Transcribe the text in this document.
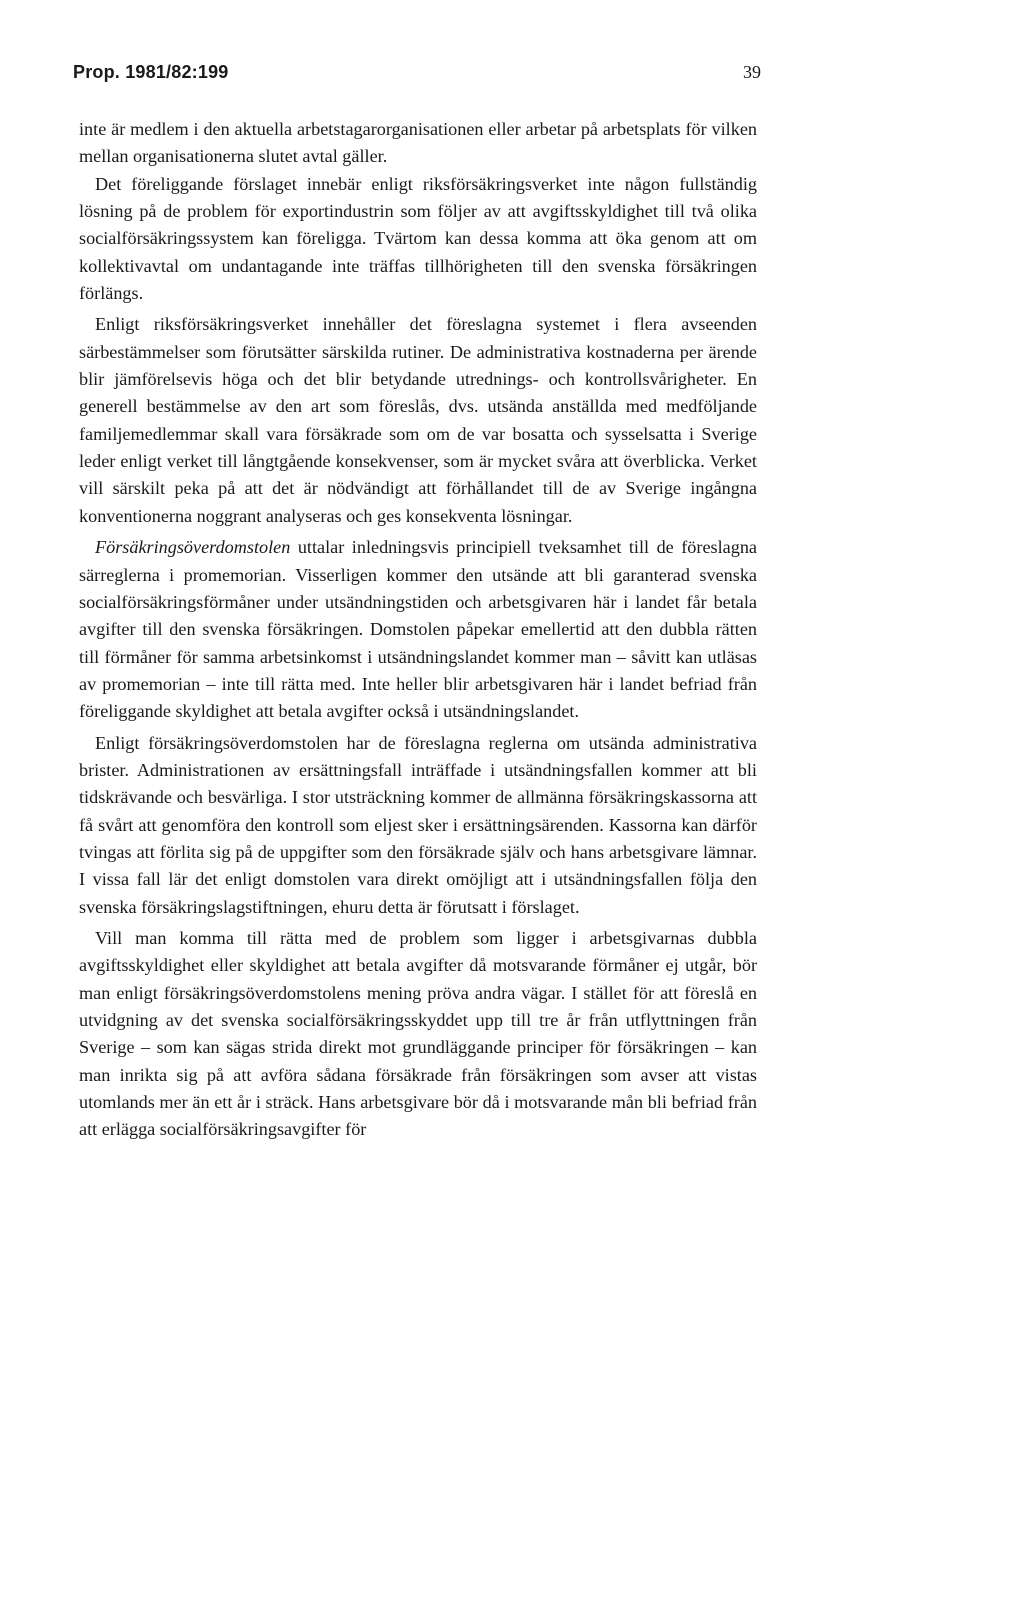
Prop. 1981/82:199	39

inte är medlem i den aktuella arbetstagarorganisationen eller arbetar på arbetsplats för vilken mellan organisationerna slutet avtal gäller.

Det föreliggande förslaget innebär enligt riksförsäkringsverket inte någon fullständig lösning på de problem för exportindustrin som följer av att avgiftsskyldighet till två olika socialförsäkringssystem kan föreligga. Tvärtom kan dessa komma att öka genom att om kollektivavtal om undantagande inte träffas tillhörigheten till den svenska försäkringen förlängs.

Enligt riksförsäkringsverket innehåller det föreslagna systemet i flera avseenden särbestämmelser som förutsätter särskilda rutiner. De administrativa kostnaderna per ärende blir jämförelsevis höga och det blir betydande utrednings- och kontrollsvårigheter. En generell bestämmelse av den art som föreslås, dvs. utsända anställda med medföljande familjemedlemmar skall vara försäkrade som om de var bosatta och sysselsatta i Sverige leder enligt verket till långtgående konsekvenser, som är mycket svåra att överblicka. Verket vill särskilt peka på att det är nödvändigt att förhållandet till de av Sverige ingångna konventionerna noggrant analyseras och ges konsekventa lösningar.

Försäkringsöverdomstolen uttalar inledningsvis principiell tveksamhet till de föreslagna särreglerna i promemorian. Visserligen kommer den utsände att bli garanterad svenska socialförsäkringsförmåner under utsändningstiden och arbetsgivaren här i landet får betala avgifter till den svenska försäkringen. Domstolen påpekar emellertid att den dubbla rätten till förmåner för samma arbetsinkomst i utsändningslandet kommer man – såvitt kan utläsas av promemorian – inte till rätta med. Inte heller blir arbetsgivaren här i landet befriad från föreliggande skyldighet att betala avgifter också i utsändningslandet.

Enligt försäkringsöverdomstolen har de föreslagna reglerna om utsända administrativa brister. Administrationen av ersättningsfall inträffade i utsändningsfallen kommer att bli tidskrävande och besvärliga. I stor utsträckning kommer de allmänna försäkringskassorna att få svårt att genomföra den kontroll som eljest sker i ersättningsärenden. Kassorna kan därför tvingas att förlita sig på de uppgifter som den försäkrade själv och hans arbetsgivare lämnar. I vissa fall lär det enligt domstolen vara direkt omöjligt att i utsändningsfallen följa den svenska försäkringslagstiftningen, ehuru detta är förutsatt i förslaget.

Vill man komma till rätta med de problem som ligger i arbetsgivarnas dubbla avgiftsskyldighet eller skyldighet att betala avgifter då motsvarande förmåner ej utgår, bör man enligt försäkringsöverdomstolens mening pröva andra vägar. I stället för att föreslå en utvidgning av det svenska socialförsäkringsskyddet upp till tre år från utflyttningen från Sverige – som kan sägas strida direkt mot grundläggande principer för försäkringen – kan man inrikta sig på att avföra sådana försäkrade från försäkringen som avser att vistas utomlands mer än ett år i sträck. Hans arbetsgivare bör då i motsvarande mån bli befriad från att erlägga socialförsäkringsavgifter för
